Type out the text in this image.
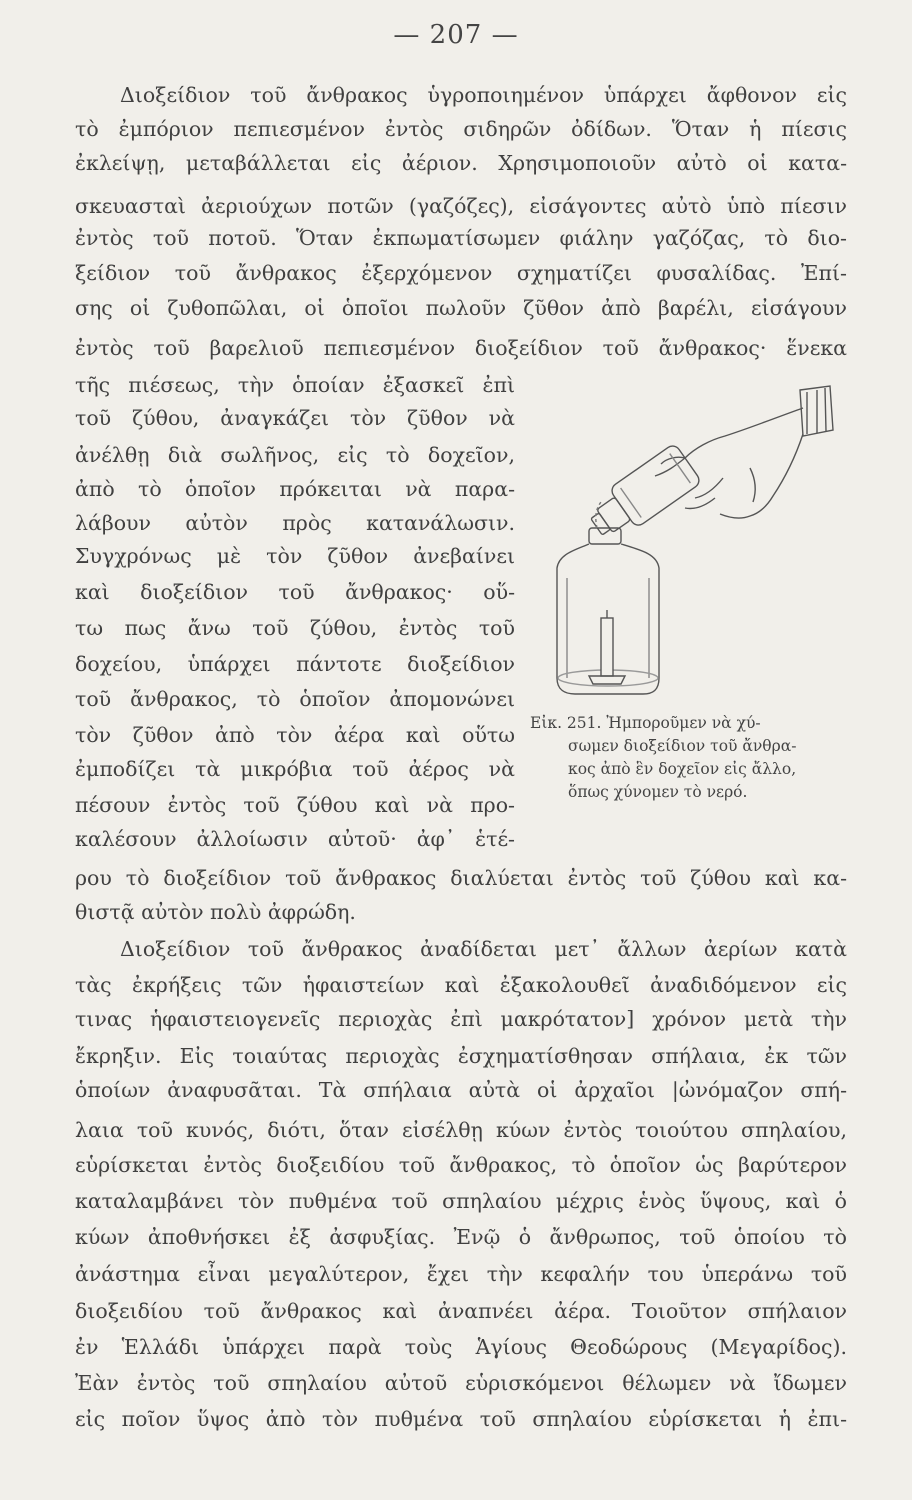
— 207 —
Διοξείδιον τοῦ ἄνθρακος ὑγροποιημένον ὑπάρχει ἄφθονον εἰς
τὸ ἐμπόριον πεπιεσμένον ἐντὸς σιδηρῶν ὀδίδων. Ὅταν ἡ πίεσις
ἐκλείψῃ, μεταβάλλεται εἰς ἀέριον. Χρησιμοποιοῦν αὐτὸ οἱ κατα-
σκευασταὶ ἀεριούχων ποτῶν (γαζόζες), εἰσάγοντες αὐτὸ ὑπὸ πίεσιν
ἐντὸς τοῦ ποτοῦ. Ὅταν ἐκπωματίσωμεν φιάλην γαζόζας, τὸ διο-
ξείδιον τοῦ ἄνθρακος ἐξερχόμενον σχηματίζει φυσαλίδας. Ἐπί-
σης οἱ ζυθοπῶλαι, οἱ ὁποῖοι πωλοῦν ζῦθον ἀπὸ βαρέλι, εἰσάγουν
ἐντὸς τοῦ βαρελιοῦ πεπιεσμένον διοξείδιον τοῦ ἄνθρακος· ἕνεκα
τῆς πιέσεως, τὴν ὁποίαν ἐξασκεῖ ἐπὶ
τοῦ ζύθου, ἀναγκάζει τὸν ζῦθον νὰ
ἀνέλθῃ διὰ σωλῆνος, εἰς τὸ δοχεῖον,
ἀπὸ τὸ ὁποῖον πρόκειται νὰ παρα-
λάβουν αὐτὸν πρὸς κατανάλωσιν.
Συγχρόνως μὲ τὸν ζῦθον ἀνεβαίνει
καὶ διοξείδιον τοῦ ἄνθρακος· οὕ-
τω πως ἄνω τοῦ ζύθου, ἐντὸς τοῦ
δοχείου, ὑπάρχει πάντοτε διοξείδιον
τοῦ ἄνθρακος, τὸ ὁποῖον ἀπομονώνει
τὸν ζῦθον ἀπὸ τὸν ἀέρα καὶ οὕτω
ἐμποδίζει τὰ μικρόβια τοῦ ἀέρος νὰ
πέσουν ἐντὸς τοῦ ζύθου καὶ νὰ προ-
καλέσουν ἀλλοίωσιν αὐτοῦ· ἀφ᾽ ἑτέ-
ρου τὸ διοξείδιον τοῦ ἄνθρακος διαλύεται ἐντὸς τοῦ ζύθου καὶ κα-
θιστᾷ αὐτὸν πολὺ ἀφρώδη.
Διοξείδιον τοῦ ἄνθρακος ἀναδίδεται μετ᾽ ἄλλων ἀερίων κατὰ
τὰς ἐκρήξεις τῶν ἡφαιστείων καὶ ἐξακολουθεῖ ἀναδιδόμενον εἰς
τινας ἡφαιστειογενεῖς περιοχὰς ἐπὶ μακρότατον] χρόνον μετὰ τὴν
ἔκρηξιν. Εἰς τοιαύτας περιοχὰς ἐσχηματίσθησαν σπήλαια, ἐκ τῶν
ὁποίων ἀναφυσᾶται. Τὰ σπήλαια αὐτὰ οἱ ἀρχαῖοι |ὠνόμαζον σπή-
λαια τοῦ κυνός, διότι, ὅταν εἰσέλθῃ κύων ἐντὸς τοιούτου σπηλαίου,
εὑρίσκεται ἐντὸς διοξειδίου τοῦ ἄνθρακος, τὸ ὁποῖον ὡς βαρύτερον
καταλαμβάνει τὸν πυθμένα τοῦ σπηλαίου μέχρις ἑνὸς ὕψους, καὶ ὁ
κύων ἀποθνήσκει ἐξ ἀσφυξίας. Ἐνῷ ὁ ἄνθρωπος, τοῦ ὁποίου τὸ
ἀνάστημα εἶναι μεγαλύτερον, ἔχει τὴν κεφαλήν του ὑπεράνω τοῦ
διοξειδίου τοῦ ἄνθρακος καὶ ἀναπνέει ἀέρα. Τοιοῦτον σπήλαιον
ἐν Ἑλλάδι ὑπάρχει παρὰ τοὺς Ἁγίους Θεοδώρους (Μεγαρίδος).
Ἐὰν ἐντὸς τοῦ σπηλαίου αὐτοῦ εὑρισκόμενοι θέλωμεν νὰ ἴδωμεν
εἰς ποῖον ὕψος ἀπὸ τὸν πυθμένα τοῦ σπηλαίου εὑρίσκεται ἡ ἐπι-
Εἰκ. 251. Ἠμποροῦμεν νὰ χύ-
σωμεν διοξείδιον τοῦ ἄνθρα-
κος ἀπὸ ἓν δοχεῖον εἰς ἄλλο,
ὅπως χύνομεν τὸ νερό.
